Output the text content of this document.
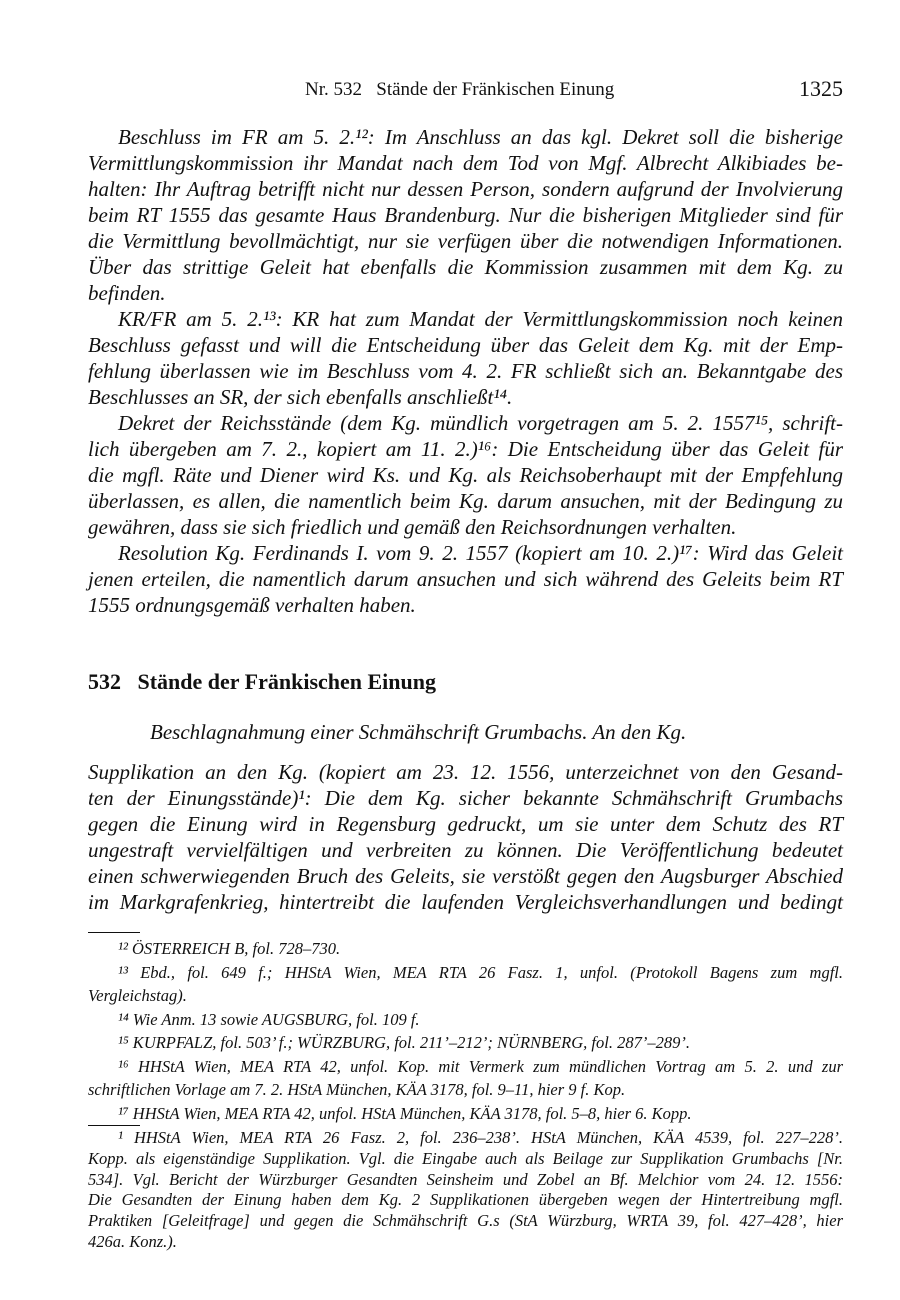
Nr. 532   Stände der Fränkischen Einung	1325
Beschluss im FR am 5. 2.¹²: Im Anschluss an das kgl. Dekret soll die bisherige
Vermittlungskommission ihr Mandat nach dem Tod von Mgf. Albrecht Alkibiades be-
halten: Ihr Auftrag betrifft nicht nur dessen Person, sondern aufgrund der Involvierung
beim RT 1555 das gesamte Haus Brandenburg. Nur die bisherigen Mitglieder sind für
die Vermittlung bevollmächtigt, nur sie verfügen über die notwendigen Informationen.
Über das strittige Geleit hat ebenfalls die Kommission zusammen mit dem Kg. zu
befinden.
KR/FR am 5. 2.¹³: KR hat zum Mandat der Vermittlungskommission noch keinen
Beschluss gefasst und will die Entscheidung über das Geleit dem Kg. mit der Emp-
fehlung überlassen wie im Beschluss vom 4. 2. FR schließt sich an. Bekanntgabe des
Beschlusses an SR, der sich ebenfalls anschließt¹⁴.
Dekret der Reichsstände (dem Kg. mündlich vorgetragen am 5. 2. 1557¹⁵, schrift-
lich übergeben am 7. 2., kopiert am 11. 2.)¹⁶: Die Entscheidung über das Geleit für
die mgfl. Räte und Diener wird Ks. und Kg. als Reichsoberhaupt mit der Empfehlung
überlassen, es allen, die namentlich beim Kg. darum ansuchen, mit der Bedingung zu
gewähren, dass sie sich friedlich und gemäß den Reichsordnungen verhalten.
Resolution Kg. Ferdinands I. vom 9. 2. 1557 (kopiert am 10. 2.)¹⁷: Wird das Geleit
jenen erteilen, die namentlich darum ansuchen und sich während des Geleits beim RT
1555 ordnungsgemäß verhalten haben.
532   Stände der Fränkischen Einung
Beschlagnahmung einer Schmähschrift Grumbachs. An den Kg.
Supplikation an den Kg. (kopiert am 23. 12. 1556, unterzeichnet von den Gesand-
ten der Einungsstände)¹: Die dem Kg. sicher bekannte Schmähschrift Grumbachs
gegen die Einung wird in Regensburg gedruckt, um sie unter dem Schutz des RT
ungestraft vervielfältigen und verbreiten zu können. Die Veröffentlichung bedeutet
einen schwerwiegenden Bruch des Geleits, sie verstößt gegen den Augsburger Abschied
im Markgrafenkrieg, hintertreibt die laufenden Vergleichsverhandlungen und bedingt
¹² ÖSTERREICH B, fol. 728–730.
¹³ Ebd., fol. 649 f.; HHStA Wien, MEA RTA 26 Fasz. 1, unfol. (Protokoll Bagens zum mgfl.
Vergleichstag).
¹⁴ Wie Anm. 13 sowie AUGSBURG, fol. 109 f.
¹⁵ KURPFALZ, fol. 503’ f.; WÜRZBURG, fol. 211’–212’; NÜRNBERG, fol. 287’–289’.
¹⁶ HHStA Wien, MEA RTA 42, unfol. Kop. mit Vermerk zum mündlichen Vortrag am 5. 2. und zur
schriftlichen Vorlage am 7. 2. HStA München, KÄA 3178, fol. 9–11, hier 9 f. Kop.
¹⁷ HHStA Wien, MEA RTA 42, unfol. HStA München, KÄA 3178, fol. 5–8, hier 6. Kopp.
¹ HHStA Wien, MEA RTA 26 Fasz. 2, fol. 236–238’. HStA München, KÄA 4539, fol. 227–228’.
Kopp. als eigenständige Supplikation. Vgl. die Eingabe auch als Beilage zur Supplikation Grumbachs [Nr.
534]. Vgl. Bericht der Würzburger Gesandten Seinsheim und Zobel an Bf. Melchior vom 24. 12. 1556:
Die Gesandten der Einung haben dem Kg. 2 Supplikationen übergeben wegen der Hintertreibung mgfl.
Praktiken [Geleitfrage] und gegen die Schmähschrift G.s (StA Würzburg, WRTA 39, fol. 427–428’, hier
426a. Konz.).
